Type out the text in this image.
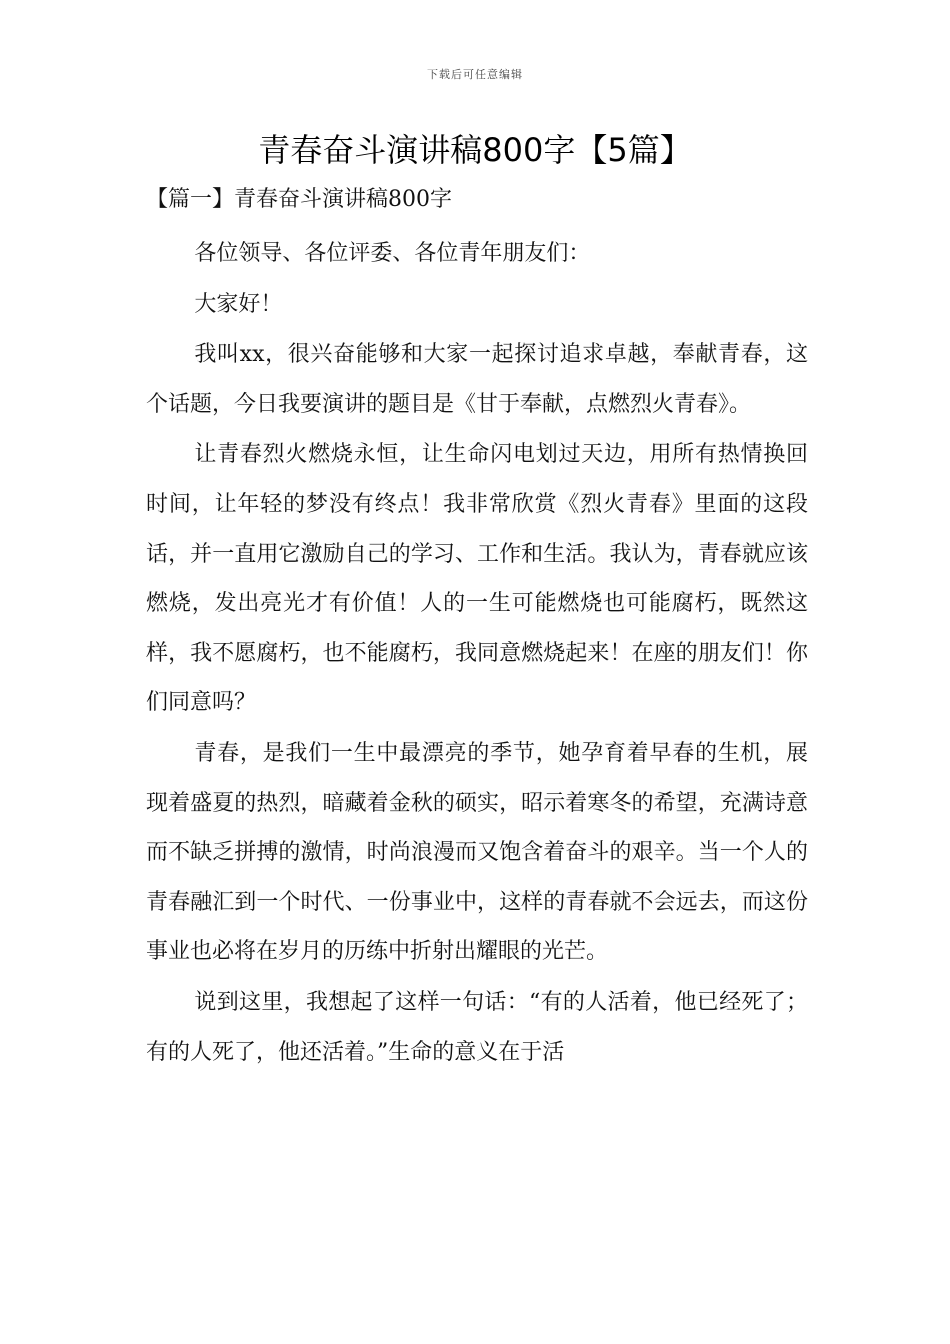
下载后可任意编辑
青春奋斗演讲稿800字【5篇】

【篇一】青春奋斗演讲稿800字

各位领导、各位评委、各位青年朋友们：

大家好！

我叫xx，很兴奋能够和大家一起探讨追求卓越，奉献青春，这个话题，今日我要演讲的题目是《甘于奉献，点燃烈火青春》。

让青春烈火燃烧永恒，让生命闪电划过天边，用所有热情换回时间，让年轻的梦没有终点！我非常欣赏《烈火青春》里面的这段话，并一直用它激励自己的学习、工作和生活。我认为，青春就应该燃烧，发出亮光才有价值！人的一生可能燃烧也可能腐朽，既然这样，我不愿腐朽，也不能腐朽，我同意燃烧起来！在座的朋友们！你们同意吗？

青春，是我们一生中最漂亮的季节，她孕育着早春的生机，展现着盛夏的热烈，暗藏着金秋的硕实，昭示着寒冬的希望，充满诗意而不缺乏拼搏的激情，时尚浪漫而又饱含着奋斗的艰辛。当一个人的青春融汇到一个时代、一份事业中，这样的青春就不会远去，而这份事业也必将在岁月的历练中折射出耀眼的光芒。

说到这里，我想起了这样一句话：“有的人活着，他已经死了；有的人死了，他还活着。”生命的意义在于活
